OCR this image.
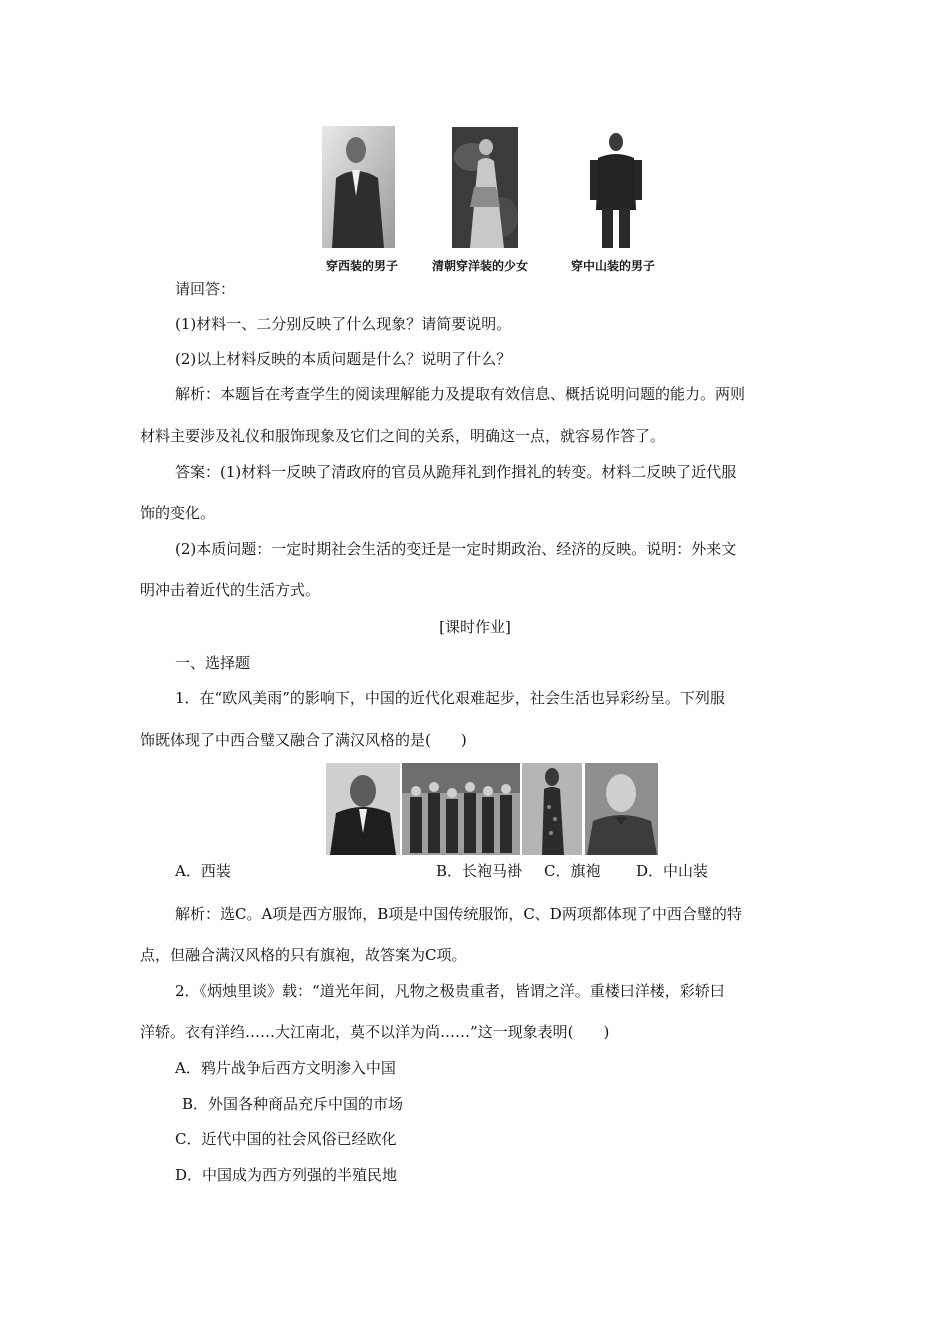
穿西装的男子	清朝穿洋装的少女	穿中山装的男子
请回答：
(1)材料一、二分别反映了什么现象？请简要说明。
(2)以上材料反映的本质问题是什么？说明了什么？
解析：本题旨在考查学生的阅读理解能力及提取有效信息、概括说明问题的能力。两则
材料主要涉及礼仪和服饰现象及它们之间的关系，明确这一点，就容易作答了。
答案：(1)材料一反映了清政府的官员从跪拜礼到作揖礼的转变。材料二反映了近代服
饰的变化。
(2)本质问题：一定时期社会生活的变迁是一定时期政治、经济的反映。说明：外来文
明冲击着近代的生活方式。
[课时作业]
一、选择题
1．在“欧风美雨”的影响下，中国的近代化艰难起步，社会生活也异彩纷呈。下列服
饰既体现了中西合璧又融合了满汉风格的是(　　)
A．西装	B．长袍马褂 C．旗袍 D．中山装
解析：选C。A项是西方服饰，B项是中国传统服饰，C、D两项都体现了中西合璧的特
点，但融合满汉风格的只有旗袍，故答案为C项。
2．《炳烛里谈》载：“道光年间，凡物之极贵重者，皆谓之洋。重楼曰洋楼，彩轿曰
洋轿。衣有洋绉……大江南北，莫不以洋为尚……”这一现象表明(　　)
A．鸦片战争后西方文明渗入中国
B．外国各种商品充斥中国的市场
C．近代中国的社会风俗已经欧化
D．中国成为西方列强的半殖民地
